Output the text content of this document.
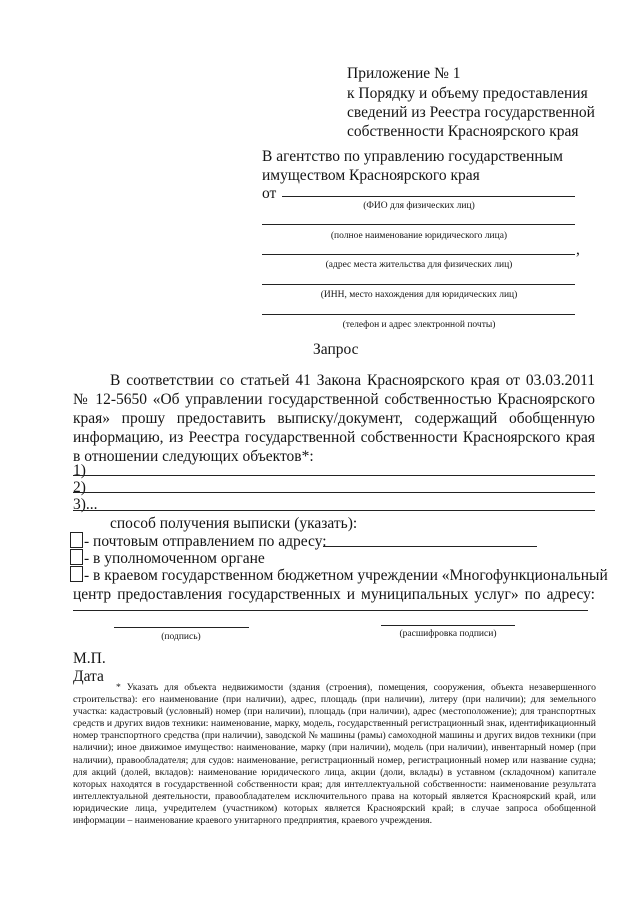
Приложение № 1
к Порядку и объему предоставления
сведений из Реестра государственной
собственности Красноярского края
В агентство по управлению государственным
имуществом Красноярского края
от
(ФИО для физических лиц)
(полное наименование юридического лица)
,
(адрес места жительства для физических лиц)
(ИНН, место нахождения для юридических лиц)
(телефон и адрес электронной почты)
Запрос
В соответствии со статьей 41 Закона Красноярского края от 03.03.2011
№ 12-5650 «Об управлении государственной собственностью Красноярского
края» прошу предоставить выписку/документ, содержащий обобщенную
информацию, из Реестра государственной собственности Красноярского края
в отношении следующих объектов*:
1)
2)
3)...
способ получения выписки (указать):
- почтовым отправлением по адресу:
- в уполномоченном органе
- в краевом государственном бюджетном учреждении «Многофункциональный
центр предоставления государственных и муниципальных услуг» по адресу:
(подпись)	(расшифровка подписи)
М.П.
Дата
* Указать для объекта недвижимости (здания (строения), помещения, сооружения, объекта незавершенного строительства): его наименование (при наличии), адрес, площадь (при наличии), литеру (при наличии); для земельного участка: кадастровый (условный) номер (при наличии), площадь (при наличии), адрес (местоположение); для транспортных средств и других видов техники: наименование, марку, модель, государственный регистрационный знак, идентификационный номер транспортного средства (при наличии), заводской № машины (рамы) самоходной машины и других видов техники (при наличии); иное движимое имущество: наименование, марку (при наличии), модель (при наличии), инвентарный номер (при наличии), правообладателя; для судов: наименование, регистрационный номер, регистрационный номер или название судна; для акций (долей, вкладов): наименование юридического лица, акции (доли, вклады) в уставном (складочном) капитале которых находятся в государственной собственности края; для интеллектуальной собственности: наименование результата интеллектуальной деятельности, правообладателем исключительного права на который является Красноярский край, или юридические лица, учредителем (участником) которых является Красноярский край; в случае запроса обобщенной информации – наименование краевого унитарного предприятия, краевого учреждения.
